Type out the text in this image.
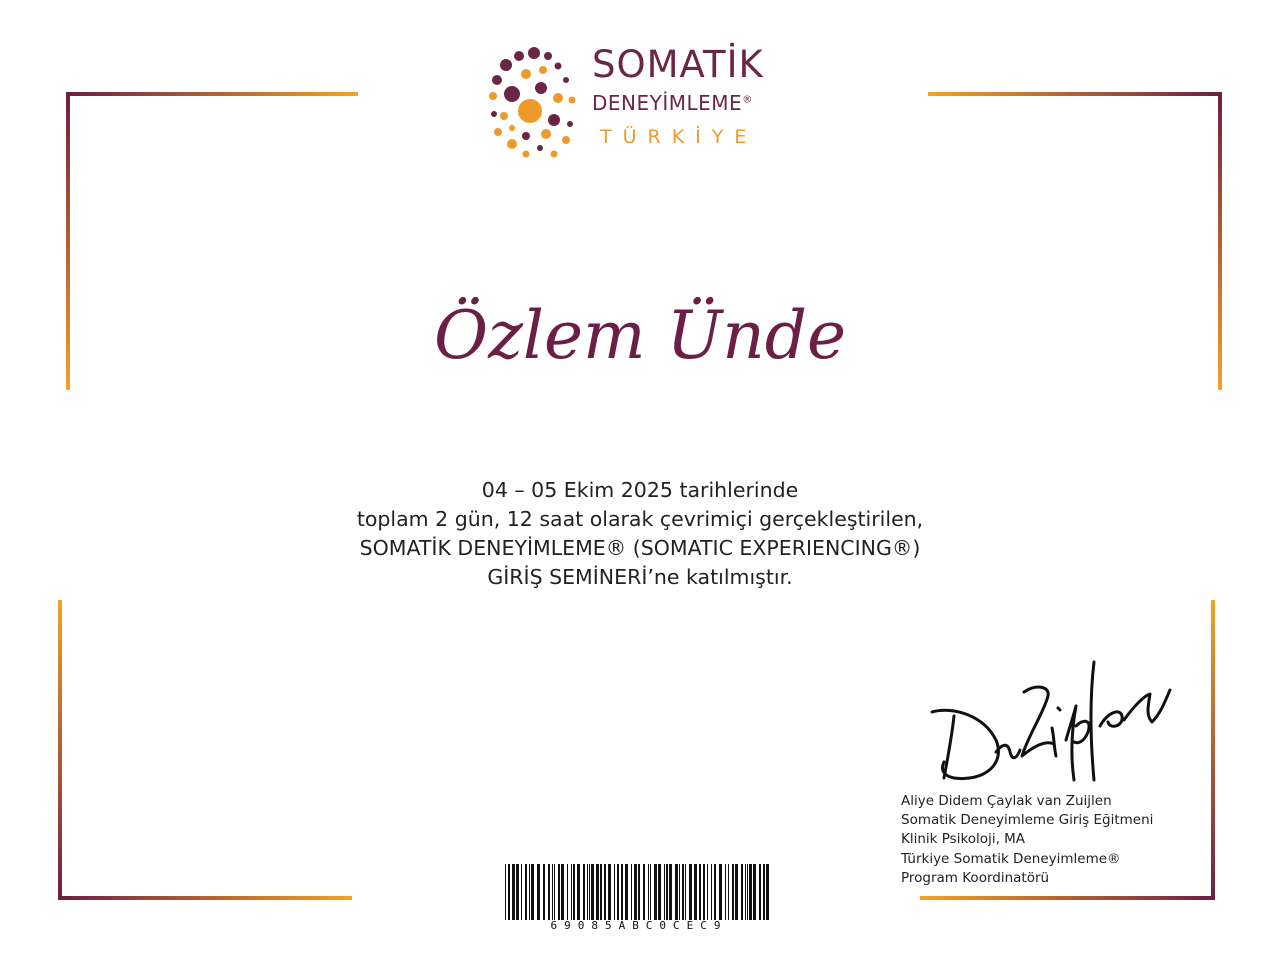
SOMATİK
DENEYİMLEME®
TÜRKİYE
Özlem Ünde
04 – 05 Ekim 2025 tarihlerinde
toplam 2 gün, 12 saat olarak çevrimiçi gerçekleştirilen,
SOMATİK DENEYİMLEME® (SOMATIC EXPERIENCING®)
GİRİŞ SEMİNERİ’ne katılmıştır.
Aliye Didem Çaylak van Zuijlen
Somatik Deneyimleme Giriş Eğitmeni
Klinik Psikoloji, MA
Türkiye Somatik Deneyimleme®
Program Koordinatörü
69085ABC0CEC9
